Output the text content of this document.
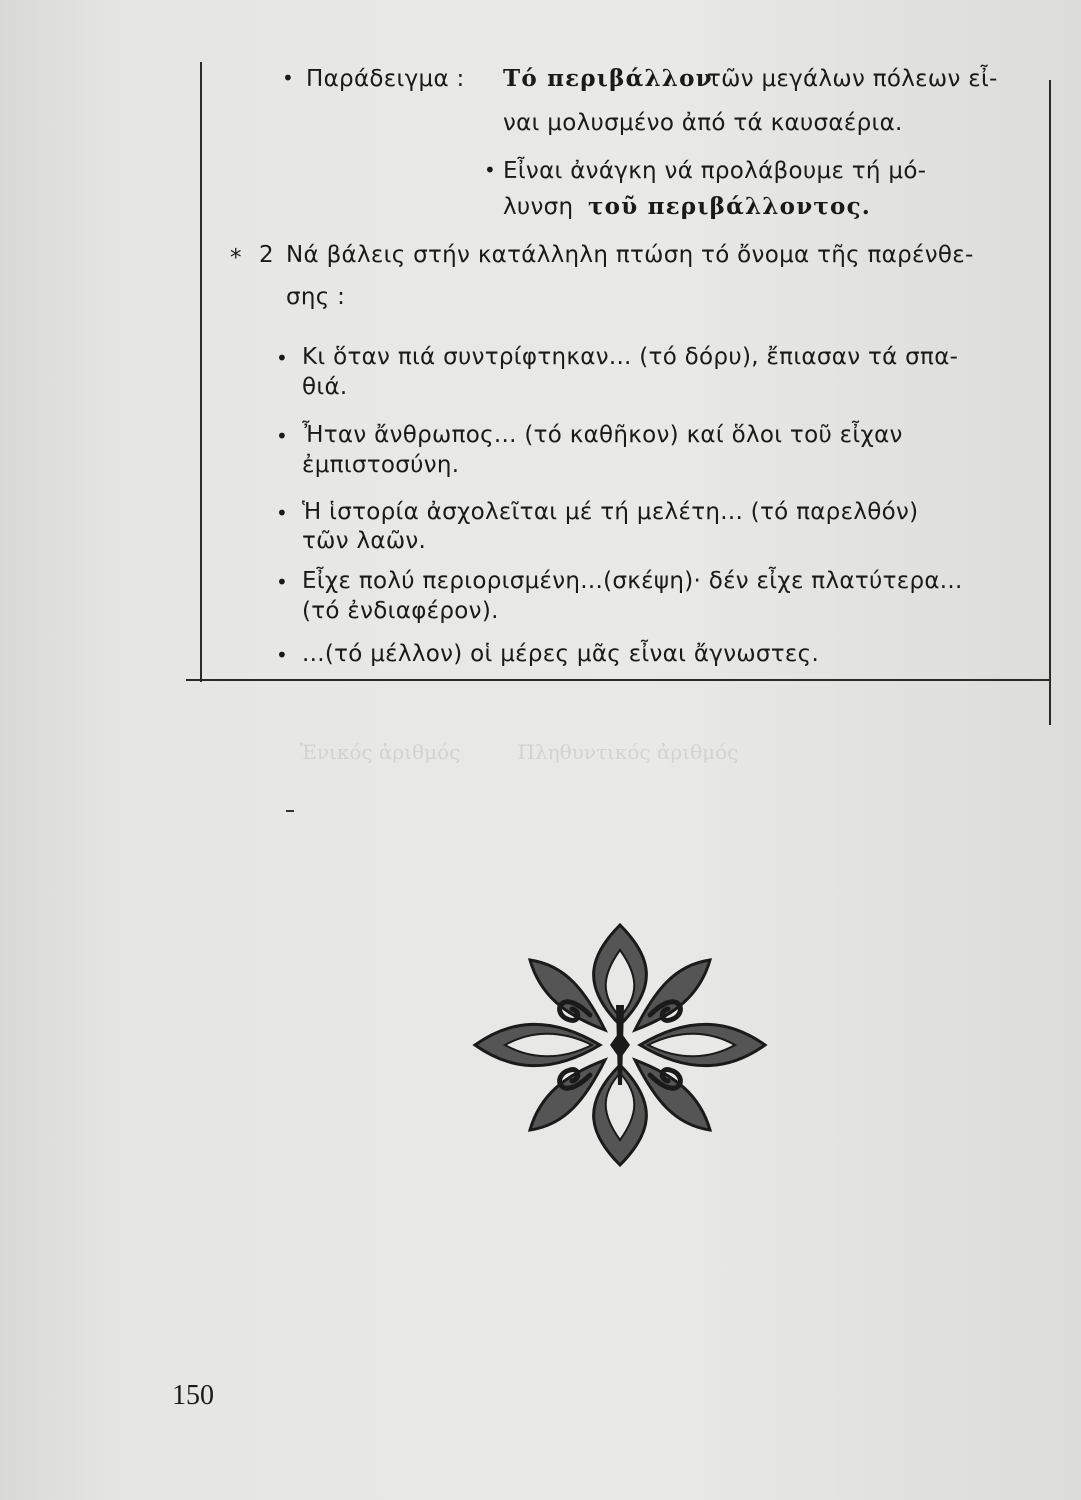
Ἑνικός ἀριθμός         Πληθυντικός ἀριθμός
• Παράδειγμα : Τό περιβάλλον
τῶν μεγάλων πόλεων εἶ-
ναι μολυσμένο ἀπό τά καυσαέρια.
• Εἶναι ἀνάγκη νά προλάβουμε τή μό-
λυνση τοῦ περιβάλλοντος.
* 2 Νά βάλεις στήν κατάλληλη πτώση τό ὄνομα τῆς παρένθε-
σης :
• Κι ὅταν πιά συντρίφτηκαν... (τό δόρυ), ἔπιασαν τά σπα-
θιά.
• Ἦταν ἄνθρωπος... (τό καθῆκον) καί ὅλοι τοῦ εἶχαν
ἐμπιστοσύνη.
• Ἡ ἱστορία ἀσχολεῖται μέ τή μελέτη... (τό παρελθόν)
τῶν λαῶν.
• Εἶχε πολύ περιορισμένη...(σκέψη)· δέν εἶχε πλατύτερα...
(τό ἐνδιαφέρον).
• ...(τό μέλλον) οἱ μέρες μᾶς εἶναι ἄγνωστες.
150
